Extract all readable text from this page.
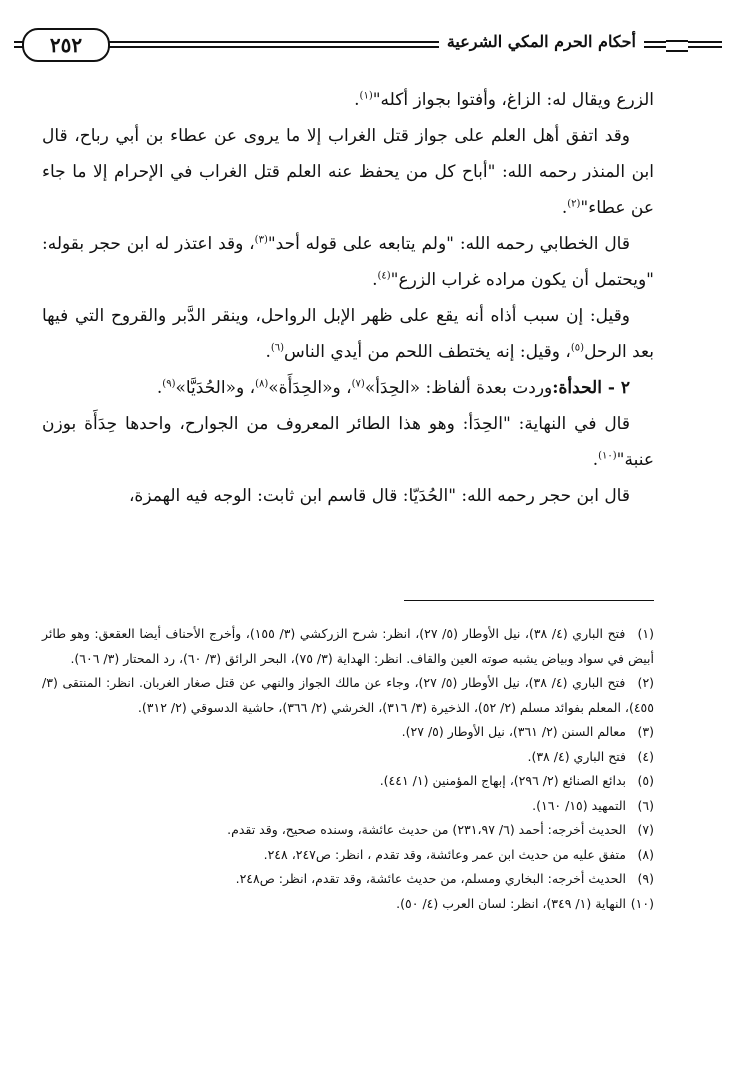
أحكام الحرم المكي الشرعية
٢٥٢

الزرع ويقال له: الزاغ، وأفتوا بجواز أكله"$^{(١)}$.

وقد اتفق أهل العلم على جواز قتل الغراب إلا ما يروى عن عطاء بن أبي رباح، قال ابن المنذر رحمه الله: "أباح كل من يحفظ عنه العلم قتل الغراب في الإحرام إلا ما جاء عن عطاء"$^{(٢)}$.

قال الخطابي رحمه الله: "ولم يتابعه على قوله أحد"$^{(٣)}$، وقد اعتذر له ابن حجر بقوله: "ويحتمل أن يكون مراده غراب الزرع"$^{(٤)}$.

وقيل: إن سبب أذاه أنه يقع على ظهر الإبل الرواحل، وينقر الدَّبر والقروح التي فيها بعد الرحل$^{(٥)}$، وقيل: إنه يختطف اللحم من أيدي الناس$^{(٦)}$.

٢ - الحدأة:وردت بعدة ألفاظ: «الحِدَأ»$^{(٧)}$، و«الحِدَأَة»$^{(٨)}$، و«الحُدَيَّا»$^{(٩)}$.

قال في النهاية: "الحِدَأ: وهو هذا الطائر المعروف من الجوارح، واحدها حِدَأَة بوزن عنبة"$^{(١٠)}$.

قال ابن حجر رحمه الله: "الحُدَيّا: قال قاسم ابن ثابت: الوجه فيه الهمزة،

(١) فتح الباري (٤/ ٣٨)، نيل الأوطار (٥/ ٢٧)، انظر: شرح الزركشي (٣/ ١٥٥)، وأخرج الأحناف أيضا العقعق: وهو طائر أبيض في سواد وبياض يشبه صوته العين والقاف. انظر: الهداية (٣/ ٧٥)، البحر الرائق (٣/ ٦٠)، رد المحتار (٣/ ٦٠٦).

(٢) فتح الباري (٤/ ٣٨)، نيل الأوطار (٥/ ٢٧)، وجاء عن مالك الجواز والنهي عن قتل صغار الغربان. انظر: المنتقى (٣/ ٤٥٥)، المعلم بفوائد مسلم (٢/ ٥٢)، الذخيرة (٣/ ٣١٦)، الخرشي (٢/ ٣٦٦)، حاشية الدسوقي (٢/ ٣١٢).

(٣) معالم السنن (٢/ ٣٦١)، نيل الأوطار (٥/ ٢٧).

(٤) فتح الباري (٤/ ٣٨).

(٥) بدائع الصنائع (٢/ ٢٩٦)، إبهاج المؤمنين (١/ ٤٤١).

(٦) التمهيد (١٥/ ١٦٠).

(٧) الحديث أخرجه: أحمد (٦/ ٢٣١،٩٧) من حديث عائشة، وسنده صحيح، وقد تقدم.

(٨) متفق عليه من حديث ابن عمر وعائشة، وقد تقدم ، انظر: ص٢٤٧، ٢٤٨.

(٩) الحديث أخرجه: البخاري ومسلم، من حديث عائشة، وقد تقدم، انظر: ص٢٤٨.

(١٠) النهاية (١/ ٣٤٩)، انظر: لسان العرب (٤/ ٥٠).
